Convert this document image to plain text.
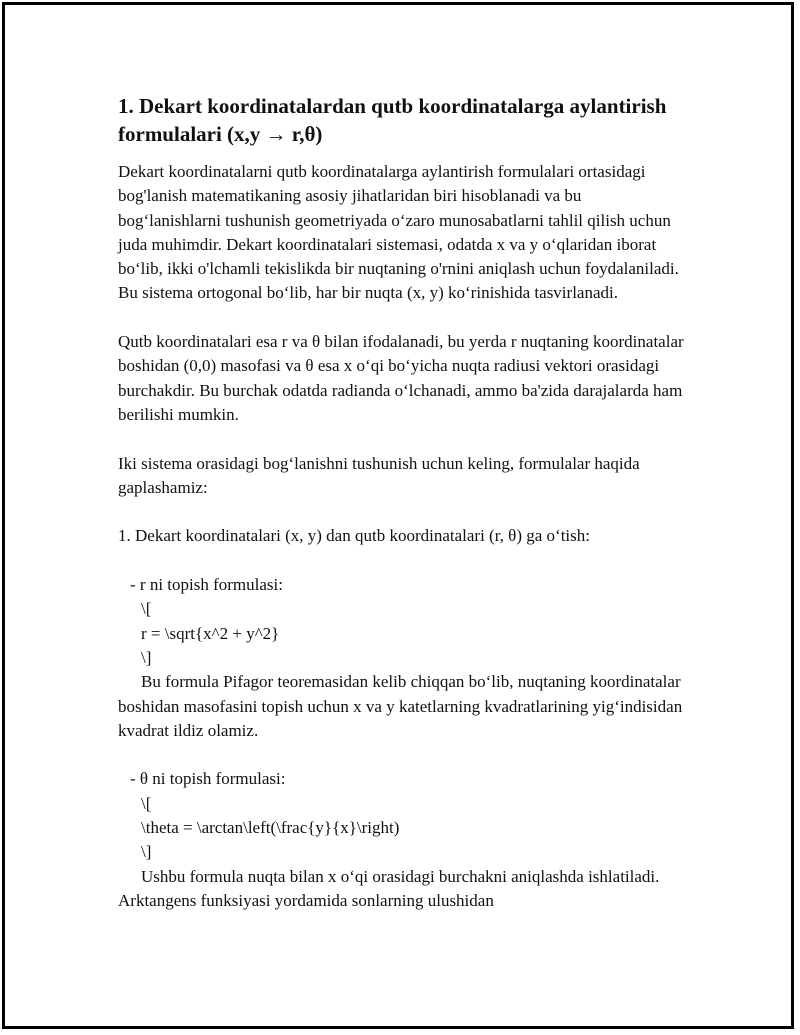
1. Dekart koordinatalardan qutb koordinatalarga aylantirish formulalari (x,y → r,θ)

Dekart koordinatalarni qutb koordinatalarga aylantirish formulalari ortasidagi bog'lanish matematikaning asosiy jihatlaridan biri hisoblanadi va bu bog‘lanishlarni tushunish geometriyada o‘zaro munosabatlarni tahlil qilish uchun juda muhimdir. Dekart koordinatalari sistemasi, odatda x va y o‘qlaridan iborat bo‘lib, ikki o'lchamli tekislikda bir nuqtaning o'rnini aniqlash uchun foydalaniladi. Bu sistema ortogonal bo‘lib, har bir nuqta (x, y) ko‘rinishida tasvirlanadi.

Qutb koordinatalari esa r va θ bilan ifodalanadi, bu yerda r nuqtaning koordinatalar boshidan (0,0) masofasi va θ esa x o‘qi bo‘yicha nuqta radiusi vektori orasidagi burchakdir. Bu burchak odatda radianda o‘lchanadi, ammo ba'zida darajalarda ham berilishi mumkin.

Iki sistema orasidagi bog‘lanishni tushunish uchun keling, formulalar haqida gaplashamiz:

1. Dekart koordinatalari (x, y) dan qutb koordinatalari (r, θ) ga o‘tish:

- r ni topish formulasi:
\[
r = \sqrt{x^2 + y^2}
\]

Bu formula Pifagor teoremasidan kelib chiqqan bo‘lib, nuqtaning koordinatalar boshidan masofasini topish uchun x va y katetlarning kvadratlarining yig‘indisidan kvadrat ildiz olamiz.

- θ ni topish formulasi:
\[
\theta = \arctan\left(\frac{y}{x}\right)
\]

Ushbu formula nuqta bilan x o‘qi orasidagi burchakni aniqlashda ishlatiladi. Arktangens funksiyasi yordamida sonlarning ulushidan
